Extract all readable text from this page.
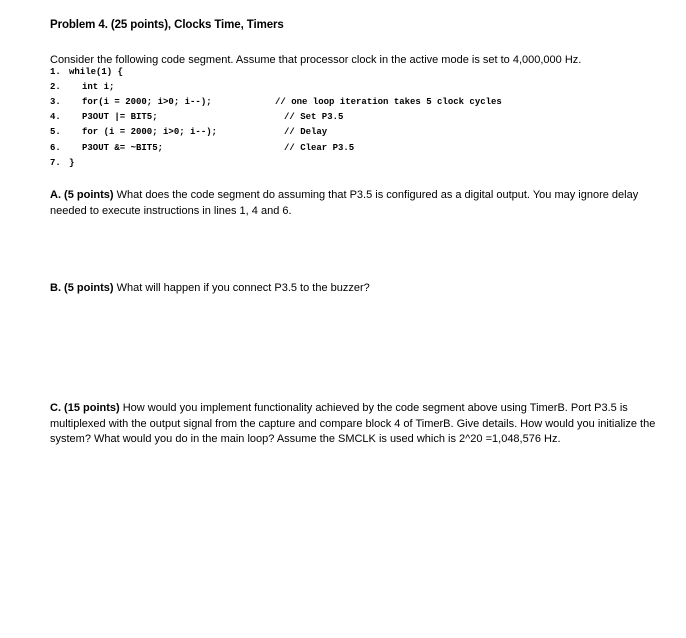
Problem 4. (25 points), Clocks Time, Timers
Consider the following code segment. Assume that processor clock in the active mode is set to 4,000,000 Hz.
1. while(1) {
2. int i;
3. for(i = 2000; i>0; i--);	// one loop iteration takes 5 clock cycles
4. P3OUT |= BIT5;	// Set P3.5
5. for (i = 2000; i>0; i--);	// Delay
6. P3OUT &= ~BIT5;	// Clear P3.5
7. }
A. (5 points) What does the code segment do assuming that P3.5 is configured as a digital output. You may ignore delay needed to execute instructions in lines 1, 4 and 6.
B. (5 points) What will happen if you connect P3.5 to the buzzer?
C. (15 points) How would you implement functionality achieved by the code segment above using TimerB. Port P3.5 is multiplexed with the output signal from the capture and compare block 4 of TimerB. Give details. How would you initialize the system? What would you do in the main loop? Assume the SMCLK is used which is 2^20 =1,048,576 Hz.
